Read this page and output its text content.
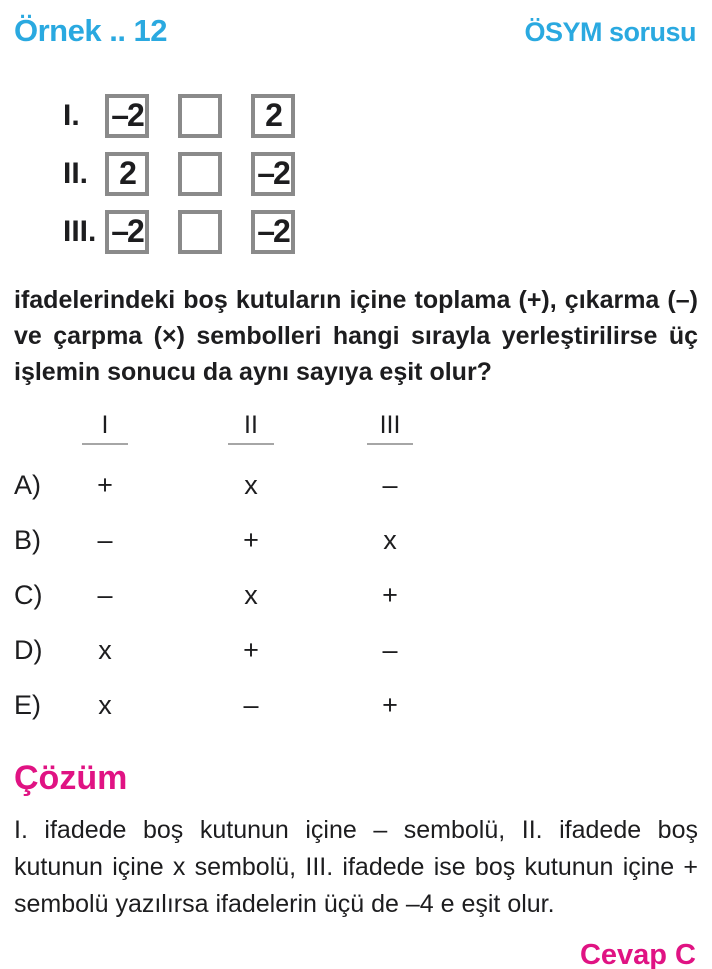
Örnek .. 12	ÖSYM sorusu
I. –2	2
II. 2	–2
III. –2	–2

ifadelerindeki boş kutuların içine toplama (+), çıkarma (–) ve çarpma (×) sembolleri hangi sırayla yerleştirilirse üç işlemin sonucu da aynı sayıya eşit olur?

I	II	III
A)	+	x	–
B)	–	+	x
C)	–	x	+
D)	x	+	–
E)	x	–	+
Çözüm

I. ifadede boş kutunun içine – sembolü, II. ifadede boş kutunun içine x sembolü, III. ifadede ise boş kutunun içine + sembolü yazılırsa ifadelerin üçü de –4 e eşit olur.

Cevap C
